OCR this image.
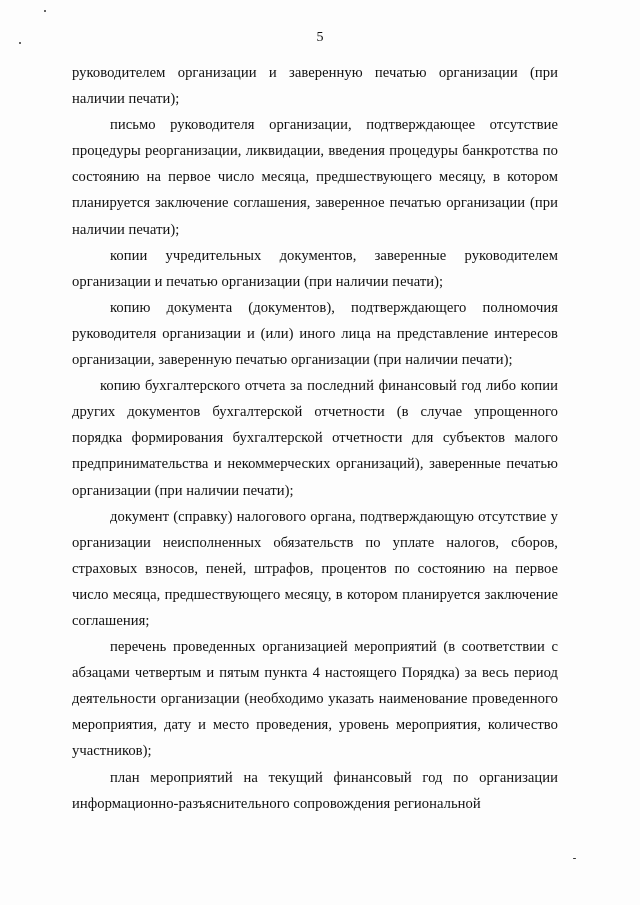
5

руководителем организации и заверенную печатью организации (при наличии печати);

письмо руководителя организации, подтверждающее отсутствие процедуры реорганизации, ликвидации, введения процедуры банкротства по состоянию на первое число месяца, предшествующего месяцу, в котором планируется заключение соглашения, заверенное печатью организации (при наличии печати);

копии учредительных документов, заверенные руководителем организации и печатью организации (при наличии печати);

копию документа (документов), подтверждающего полномочия руководителя организации и (или) иного лица на представление интересов организации, заверенную печатью организации (при наличии печати);

копию бухгалтерского отчета за последний финансовый год либо копии других документов бухгалтерской отчетности (в случае упрощенного порядка формирования бухгалтерской отчетности для субъектов малого предпринимательства и некоммерческих организаций), заверенные печатью организации (при наличии печати);

документ (справку) налогового органа, подтверждающую отсутствие у организации неисполненных обязательств по уплате налогов, сборов, страховых взносов, пеней, штрафов, процентов по состоянию на первое число месяца, предшествующего месяцу, в котором планируется заключение соглашения;

перечень проведенных организацией мероприятий (в соответствии с абзацами четвертым и пятым пункта 4 настоящего Порядка) за весь период деятельности организации (необходимо указать наименование проведенного мероприятия, дату и место проведения, уровень мероприятия, количество участников);

план мероприятий на текущий финансовый год по организации информационно-разъяснительного сопровождения региональной
